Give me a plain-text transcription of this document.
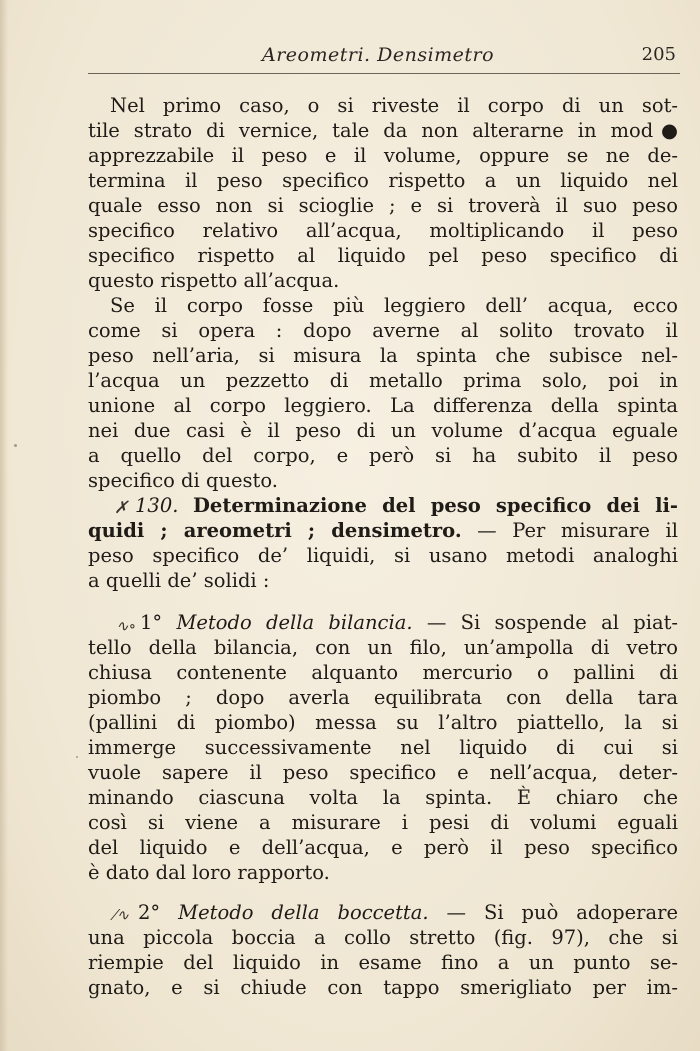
Areometri. Densimetro	205
Nel primo caso, o si riveste il corpo di un sot-
tile strato di vernice, tale da non alterarne in mod●
apprezzabile il peso e il volume, oppure se ne de-
termina il peso specifico rispetto a un liquido nel
quale esso non si scioglie ; e si troverà il suo peso
specifico relativo all’acqua, moltiplicando il peso
specifico rispetto al liquido pel peso specifico di
questo rispetto all’acqua.
Se il corpo fosse più leggiero dell’ acqua, ecco
come si opera : dopo averne al solito trovato il
peso nell’aria, si misura la spinta che subisce nel-
l’acqua un pezzetto di metallo prima solo, poi in
unione al corpo leggiero. La differenza della spinta
nei due casi è il peso di un volume d’acqua eguale
a quello del corpo, e però si ha subito il peso
specifico di questo.
✗ 130. Determinazione del peso specifico dei li-
quidi ; areometri ; densimetro. — Per misurare il
peso specifico de’ liquidi, si usano metodi analoghi
a quelli de’ solidi :
∿∘ 1° Metodo della bilancia. — Si sospende al piat-
tello della bilancia, con un filo, un’ampolla di vetro
chiusa contenente alquanto mercurio o pallini di
piombo ; dopo averla equilibrata con della tara
(pallini di piombo) messa su l’altro piattello, la si
immerge successivamente nel liquido di cui si
vuole sapere il peso specifico e nell’acqua, deter-
minando ciascuna volta la spinta. È chiaro che
così si viene a misurare i pesi di volumi eguali
del liquido e dell’acqua, e però il peso specifico
è dato dal loro rapporto.
⁄∿ 2° Metodo della boccetta. — Si può adoperare
una piccola boccia a collo stretto (fig. 97), che si
riempie del liquido in esame fino a un punto se-
gnato, e si chiude con tappo smerigliato per im-
